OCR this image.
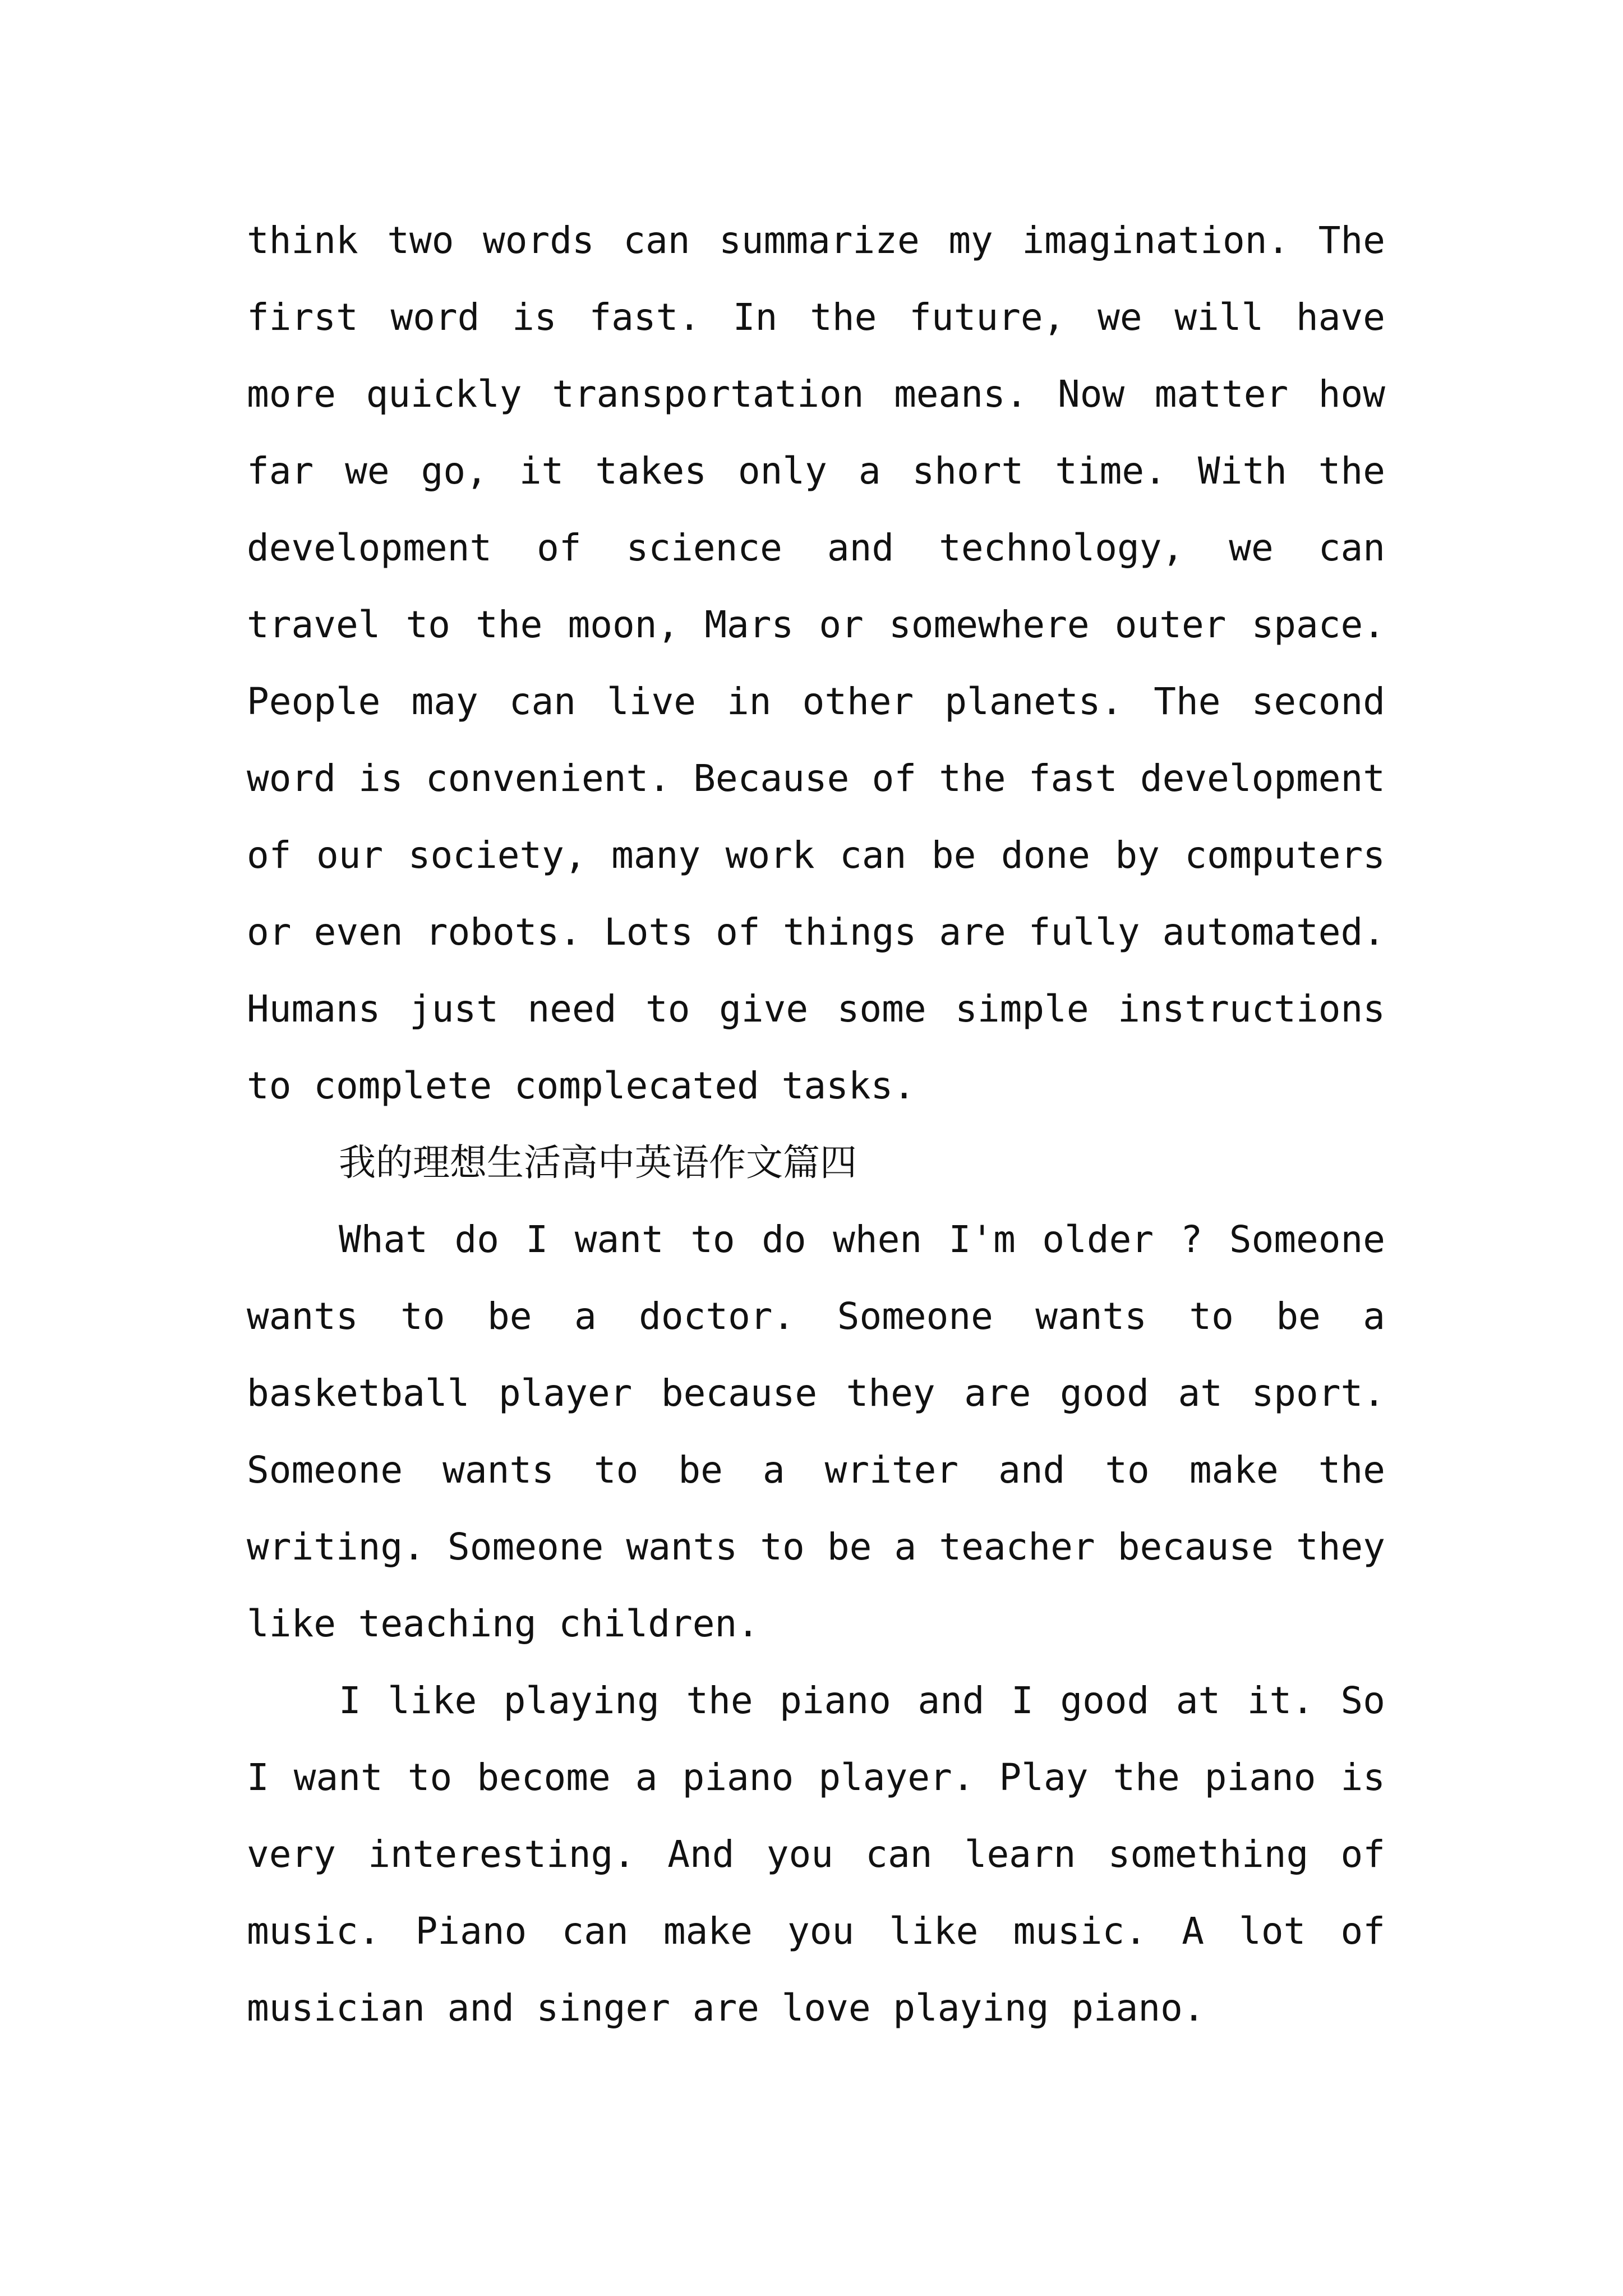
think two words can summarize my imagination. The first word is fast. In the future, we will have more quickly transportation means. Now matter how far we go, it takes only a short time. With the development of science and technology, we can travel to the moon, Mars or somewhere outer space. People may can live in other planets. The second word is convenient. Because of the fast development of our society, many work can be done by computers or even robots. Lots of things are fully automated. Humans just need to give some simple instructions to complete complecated tasks.

我的理想生活高中英语作文篇四

What do I want to do when I'm older ? Someone wants to be a doctor. Someone wants to be a basketball player because they are good at sport. Someone wants to be a writer and to make the writing. Someone wants to be a teacher because they like teaching children.

I like playing the piano and I good at it. So I want to become a piano player. Play the piano is very interesting. And you can learn something of music. Piano can make you like music. A lot of musician and singer are love playing piano.
